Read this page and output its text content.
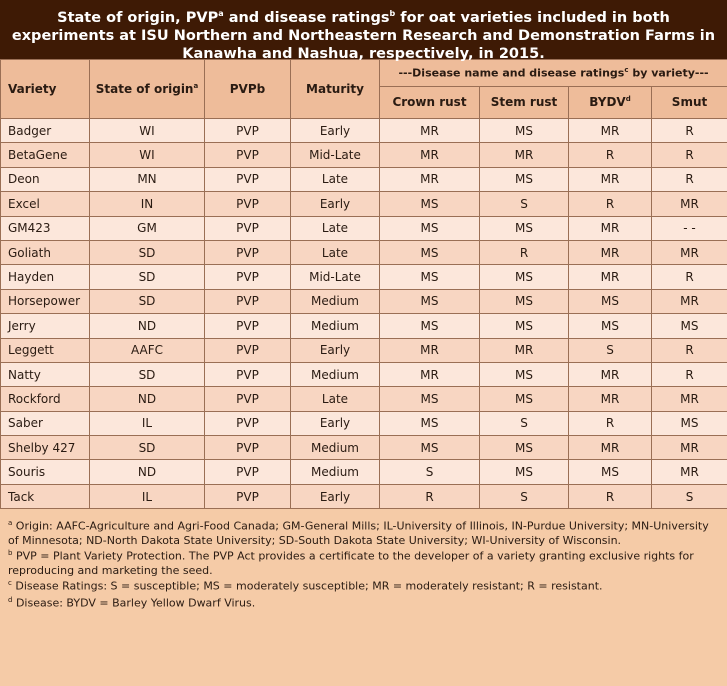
State of origin, PVP$^a$ and disease ratings$^b$ for oat varieties included in both
experiments at ISU Northern and Northeastern Research and Demonstration Farms in
Kanawha and Nashua, respectively, in 2015.
Variety	State of origin$^a$	PVPb	Maturity	---Disease name and disease ratings$^c$ by variety---			
				Crown rust	Stem rust	BYDV$^d$	Smut
Badger	WI	PVP	Early	MR	MS	MR	R
BetaGene	WI	PVP	Mid-Late	MR	MR	R	R
Deon	MN	PVP	Late	MR	MS	MR	R
Excel	IN	PVP	Early	MS	S	R	MR
GM423	GM	PVP	Late	MS	MS	MR	- -
Goliath	SD	PVP	Late	MS	R	MR	MR
Hayden	SD	PVP	Mid-Late	MS	MS	MR	R
Horsepower	SD	PVP	Medium	MS	MS	MS	MR
Jerry	ND	PVP	Medium	MS	MS	MS	MS
Leggett	AAFC	PVP	Early	MR	MR	S	R
Natty	SD	PVP	Medium	MR	MS	MR	R
Rockford	ND	PVP	Late	MS	MS	MR	MR
Saber	IL	PVP	Early	MS	S	R	MS
Shelby 427	SD	PVP	Medium	MS	MS	MR	MR
Souris	ND	PVP	Medium	S	MS	MS	MR
Tack	IL	PVP	Early	R	S	R	S

$^a$ Origin: AAFC-Agriculture and Agri-Food Canada; GM-General Mills; IL-University of Illinois, IN-Purdue University; MN-University of Minnesota; ND-North Dakota State University; SD-South Dakota State University; WI-University of Wisconsin.

$^b$ PVP = Plant Variety Protection. The PVP Act provides a certificate to the developer of a variety granting exclusive rights for reproducing and marketing the seed.

$^c$ Disease Ratings: S = susceptible; MS = moderately susceptible; MR = moderately resistant; R = resistant.

$^d$ Disease: BYDV = Barley Yellow Dwarf Virus.
